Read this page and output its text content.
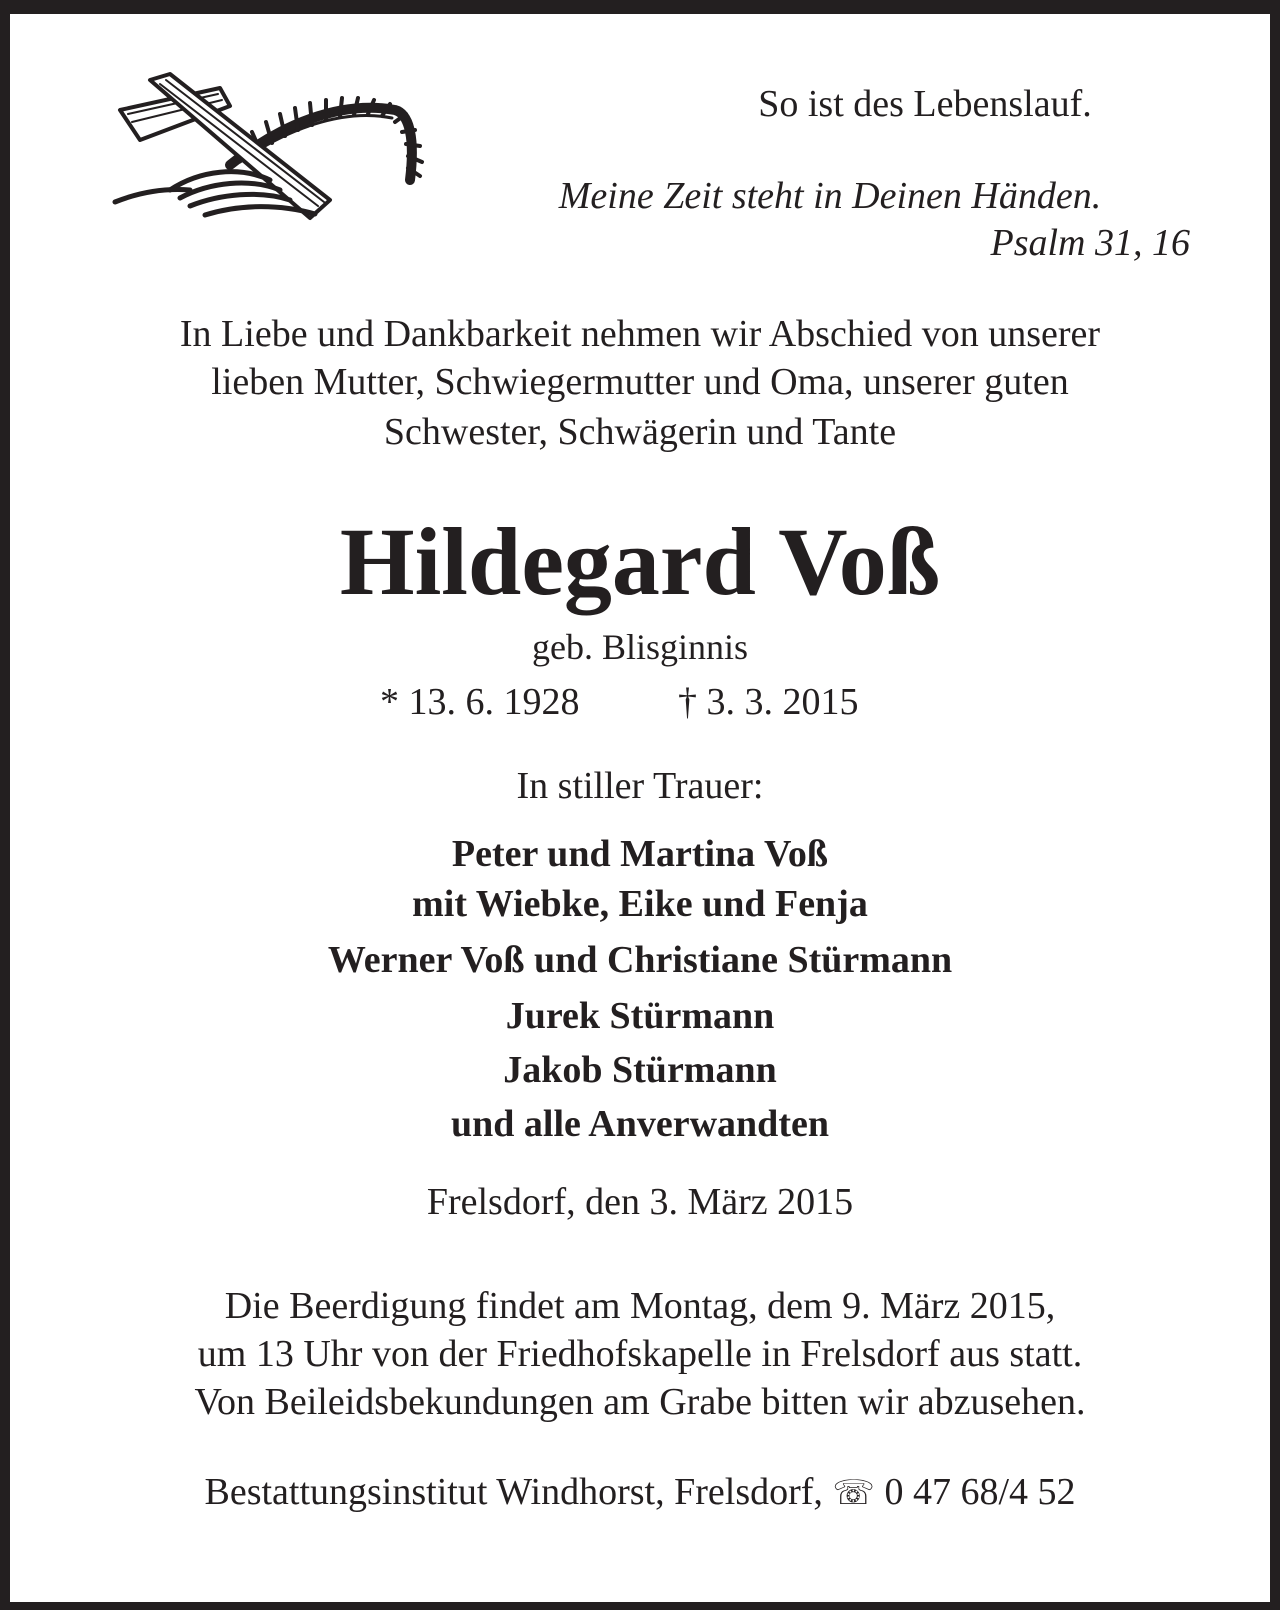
So ist des Lebenslauf.
Meine Zeit steht in Deinen Händen.
Psalm 31, 16
In Liebe und Dankbarkeit nehmen wir Abschied von unserer
lieben Mutter, Schwiegermutter und Oma, unserer guten
Schwester, Schwägerin und Tante
Hildegard Voß
geb. Blisginnis
* 13. 6. 1928	† 3. 3. 2015
In stiller Trauer:
Peter und Martina Voß
mit Wiebke, Eike und Fenja
Werner Voß und Christiane Stürmann
Jurek Stürmann
Jakob Stürmann
und alle Anverwandten
Frelsdorf, den 3. März 2015
Die Beerdigung findet am Montag, dem 9. März 2015,
um 13 Uhr von der Friedhofskapelle in Frelsdorf aus statt.
Von Beileidsbekundungen am Grabe bitten wir abzusehen.
Bestattungsinstitut Windhorst, Frelsdorf, ☏ 0 47 68/4 52
